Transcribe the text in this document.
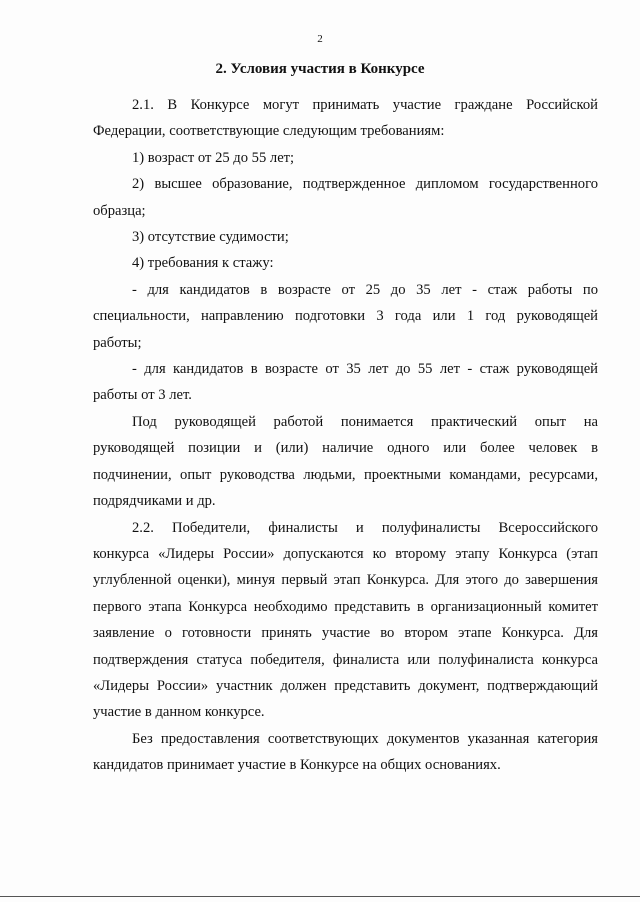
2
2. Условия участия в Конкурсе

2.1. В Конкурсе могут принимать участие граждане Российской
Федерации, соответствующие следующим требованиям:

1) возраст от 25 до 55 лет;

2) высшее образование, подтвержденное дипломом государственного
образца;

3) отсутствие судимости;

4) требования к стажу:

- для кандидатов в возрасте от 25 до 35 лет - стаж работы по
специальности, направлению подготовки 3 года или 1 год руководящей
работы;

- для кандидатов в возрасте от 35 лет до 55 лет - стаж руководящей
работы от 3 лет.

Под руководящей работой понимается практический опыт на
руководящей позиции и (или) наличие одного или более человек в
подчинении, опыт руководства людьми, проектными командами, ресурсами,
подрядчиками и др.

2.2. Победители, финалисты и полуфиналисты Всероссийского
конкурса «Лидеры России» допускаются ко второму этапу Конкурса (этап
углубленной оценки), минуя первый этап Конкурса. Для этого до завершения
первого этапа Конкурса необходимо представить в организационный комитет
заявление о готовности принять участие во втором этапе Конкурса. Для
подтверждения статуса победителя, финалиста или полуфиналиста конкурса
«Лидеры России» участник должен представить документ, подтверждающий
участие в данном конкурсе.

Без предоставления соответствующих документов указанная категория
кандидатов принимает участие в Конкурсе на общих основаниях.
